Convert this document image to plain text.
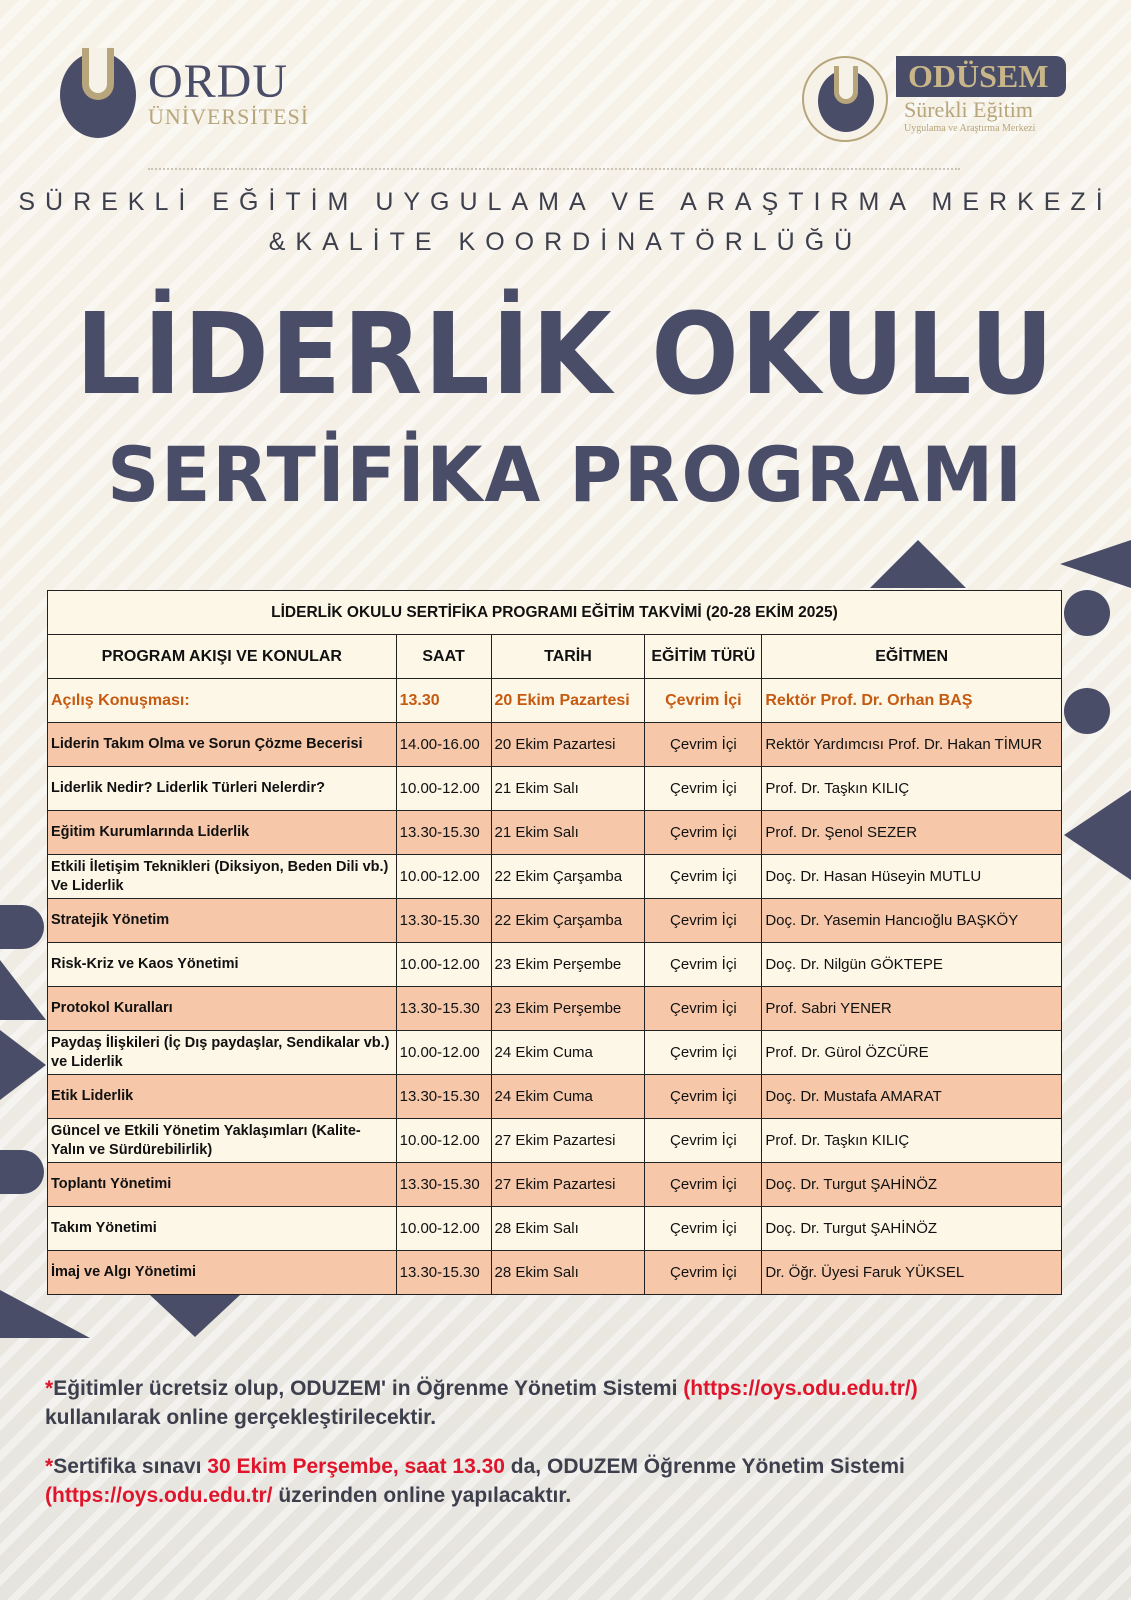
ORDU
ÜNİVERSİTESİ
ODÜSEM
Sürekli Eğitim
Uygulama ve Araştırma Merkezi
SÜREKLİ EĞİTİM UYGULAMA VE ARAŞTIRMA MERKEZİ
&KALİTE KOORDİNATÖRLÜĞÜ
LİDERLİK OKULU
SERTİFİKA PROGRAMI
LİDERLİK OKULU SERTİFİKA PROGRAMI EĞİTİM TAKVİMİ (20-28 EKİM 2025)				
PROGRAM AKIŞI VE KONULAR	SAAT	TARİH	EĞİTİM TÜRÜ	EĞİTMEN
Açılış Konuşması:	13.30	20 Ekim Pazartesi	Çevrim İçi	Rektör Prof. Dr. Orhan BAŞ
Liderin Takım Olma ve Sorun Çözme Becerisi	14.00-16.00	20 Ekim Pazartesi	Çevrim İçi	Rektör Yardımcısı Prof. Dr. Hakan TİMUR
Liderlik Nedir? Liderlik Türleri Nelerdir?	10.00-12.00	21 Ekim Salı	Çevrim İçi	Prof. Dr. Taşkın KILIÇ
Eğitim Kurumlarında Liderlik	13.30-15.30	21 Ekim Salı	Çevrim İçi	Prof. Dr. Şenol SEZER
Etkili İletişim Teknikleri (Diksiyon, Beden Dili vb.) Ve Liderlik	10.00-12.00	22 Ekim Çarşamba	Çevrim İçi	Doç. Dr. Hasan Hüseyin MUTLU
Stratejik Yönetim	13.30-15.30	22 Ekim Çarşamba	Çevrim İçi	Doç. Dr. Yasemin Hancıoğlu BAŞKÖY
Risk-Kriz ve Kaos Yönetimi	10.00-12.00	23 Ekim Perşembe	Çevrim İçi	Doç. Dr. Nilgün GÖKTEPE
Protokol Kuralları	13.30-15.30	23 Ekim Perşembe	Çevrim İçi	Prof. Sabri YENER
Paydaş İlişkileri (İç Dış paydaşlar, Sendikalar vb.) ve Liderlik	10.00-12.00	24 Ekim Cuma	Çevrim İçi	Prof. Dr. Gürol ÖZCÜRE
Etik Liderlik	13.30-15.30	24 Ekim Cuma	Çevrim İçi	Doç. Dr. Mustafa AMARAT
Güncel ve Etkili Yönetim Yaklaşımları (Kalite-Yalın ve Sürdürebilirlik)	10.00-12.00	27 Ekim Pazartesi	Çevrim İçi	Prof. Dr. Taşkın KILIÇ
Toplantı Yönetimi	13.30-15.30	27 Ekim Pazartesi	Çevrim İçi	Doç. Dr. Turgut ŞAHİNÖZ
Takım Yönetimi	10.00-12.00	28 Ekim Salı	Çevrim İçi	Doç. Dr. Turgut ŞAHİNÖZ
İmaj ve Algı Yönetimi	13.30-15.30	28 Ekim Salı	Çevrim İçi	Dr. Öğr. Üyesi Faruk YÜKSEL
*Eğitimler ücretsiz olup, ODUZEM' in Öğrenme Yönetim Sistemi (https://oys.odu.edu.tr/)
kullanılarak online gerçekleştirilecektir.
*Sertifika sınavı 30 Ekim Perşembe, saat 13.30 da, ODUZEM Öğrenme Yönetim Sistemi
(https://oys.odu.edu.tr/ üzerinden online yapılacaktır.
